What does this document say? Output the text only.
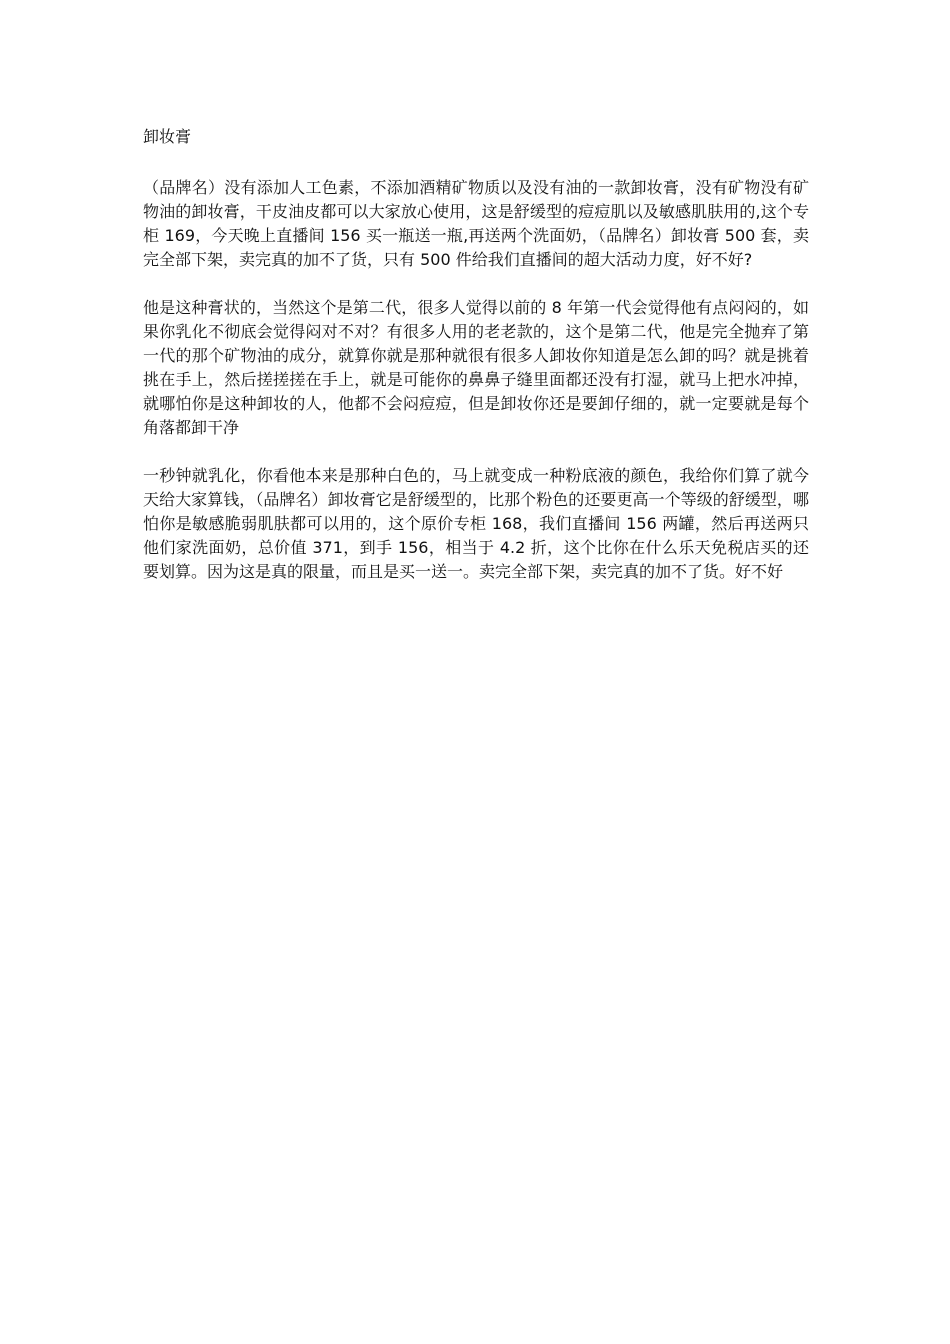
卸妆膏

（品牌名）没有添加人工色素，不添加酒精矿物质以及没有油的一款卸妆膏，没有矿物没有矿物油的卸妆膏，干皮油皮都可以大家放心使用，这是舒缓型的痘痘肌以及敏感肌肤用的,这个专柜 169，今天晚上直播间 156 买一瓶送一瓶,再送两个洗面奶，（品牌名）卸妆膏 500 套，卖完全部下架，卖完真的加不了货，只有 500 件给我们直播间的超大活动力度，好不好?

他是这种膏状的，当然这个是第二代，很多人觉得以前的 8 年第一代会觉得他有点闷闷的，如果你乳化不彻底会觉得闷对不对？有很多人用的老老款的，这个是第二代，他是完全抛弃了第一代的那个矿物油的成分，就算你就是那种就很有很多人卸妆你知道是怎么卸的吗？就是挑着挑在手上，然后搓搓搓在手上，就是可能你的鼻鼻子缝里面都还没有打湿，就马上把水冲掉，就哪怕你是这种卸妆的人，他都不会闷痘痘，但是卸妆你还是要卸仔细的，就一定要就是每个角落都卸干净

一秒钟就乳化，你看他本来是那种白色的，马上就变成一种粉底液的颜色，我给你们算了就今天给大家算钱，（品牌名）卸妆膏它是舒缓型的，比那个粉色的还要更高一个等级的舒缓型，哪怕你是敏感脆弱肌肤都可以用的，这个原价专柜 168，我们直播间 156 两罐，然后再送两只他们家洗面奶，总价值 371，到手 156，相当于 4.2 折，这个比你在什么乐天免税店买的还要划算。因为这是真的限量，而且是买一送一。卖完全部下架，卖完真的加不了货。好不好
